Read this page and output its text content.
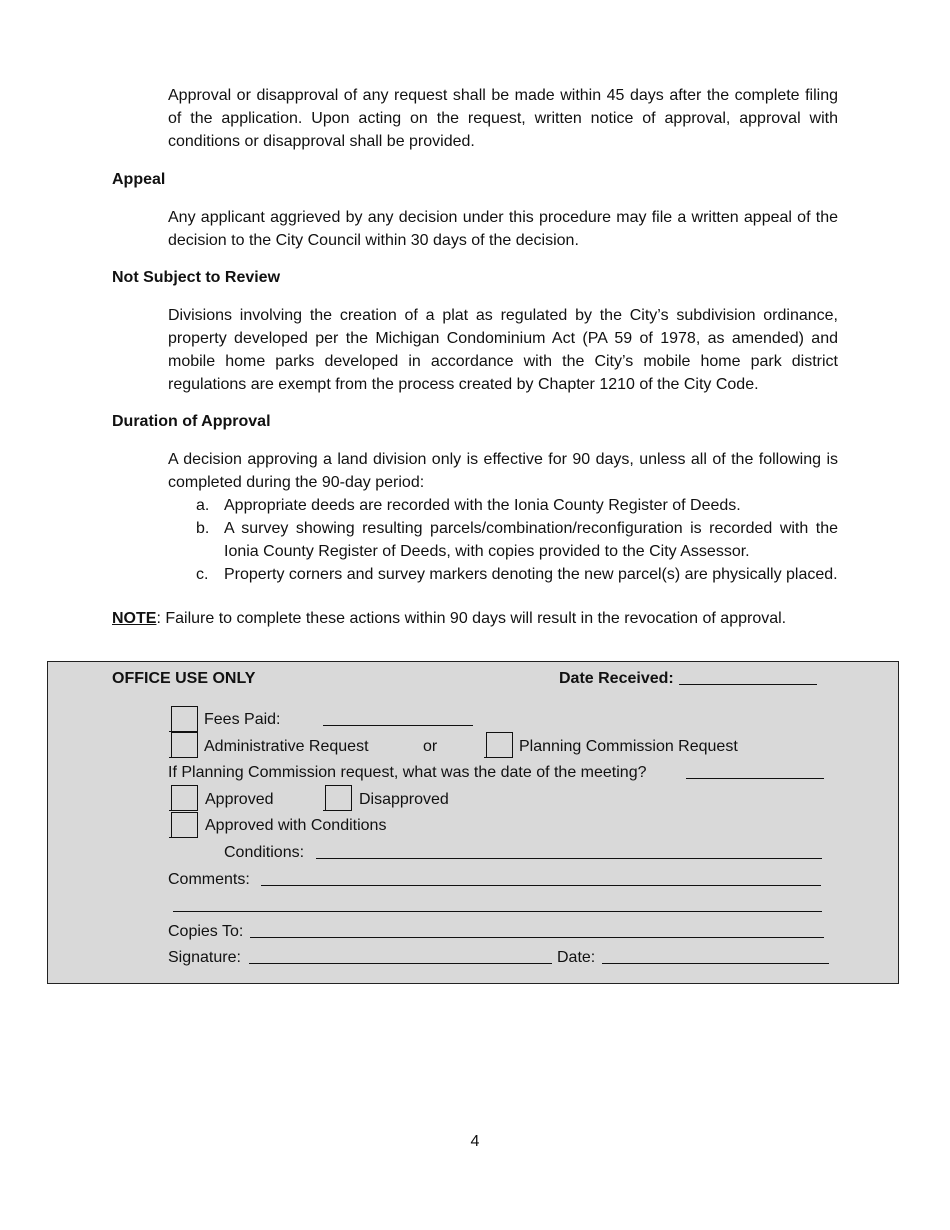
Approval or disapproval of any request shall be made within 45 days after the complete filing of the application. Upon acting on the request, written notice of approval, approval with conditions or disapproval shall be provided.

Appeal

Any applicant aggrieved by any decision under this procedure may file a written appeal of the decision to the City Council within 30 days of the decision.

Not Subject to Review

Divisions involving the creation of a plat as regulated by the City’s subdivision ordinance, property developed per the Michigan Condominium Act (PA 59 of 1978, as amended) and mobile home parks developed in accordance with the City’s mobile home park district regulations are exempt from the process created by Chapter 1210 of the City Code.

Duration of Approval

A decision approving a land division only is effective for 90 days, unless all of the following is completed during the 90-day period:

a. Appropriate deeds are recorded with the Ionia County Register of Deeds.
b. A survey showing resulting parcels/combination/reconfiguration is recorded with the Ionia County Register of Deeds, with copies provided to the City Assessor.
c. Property corners and survey markers denoting the new parcel(s) are physically placed.
NOTE: Failure to complete these actions within 90 days will result in the revocation of approval.
OFFICE USE ONLY	Date Received:
Fees Paid:
Administrative Request	or	Planning Commission Request
If Planning Commission request, what was the date of the meeting?
Approved	Disapproved
Approved with Conditions
Conditions:
Comments:
Copies To:
Signature:	Date:
4
